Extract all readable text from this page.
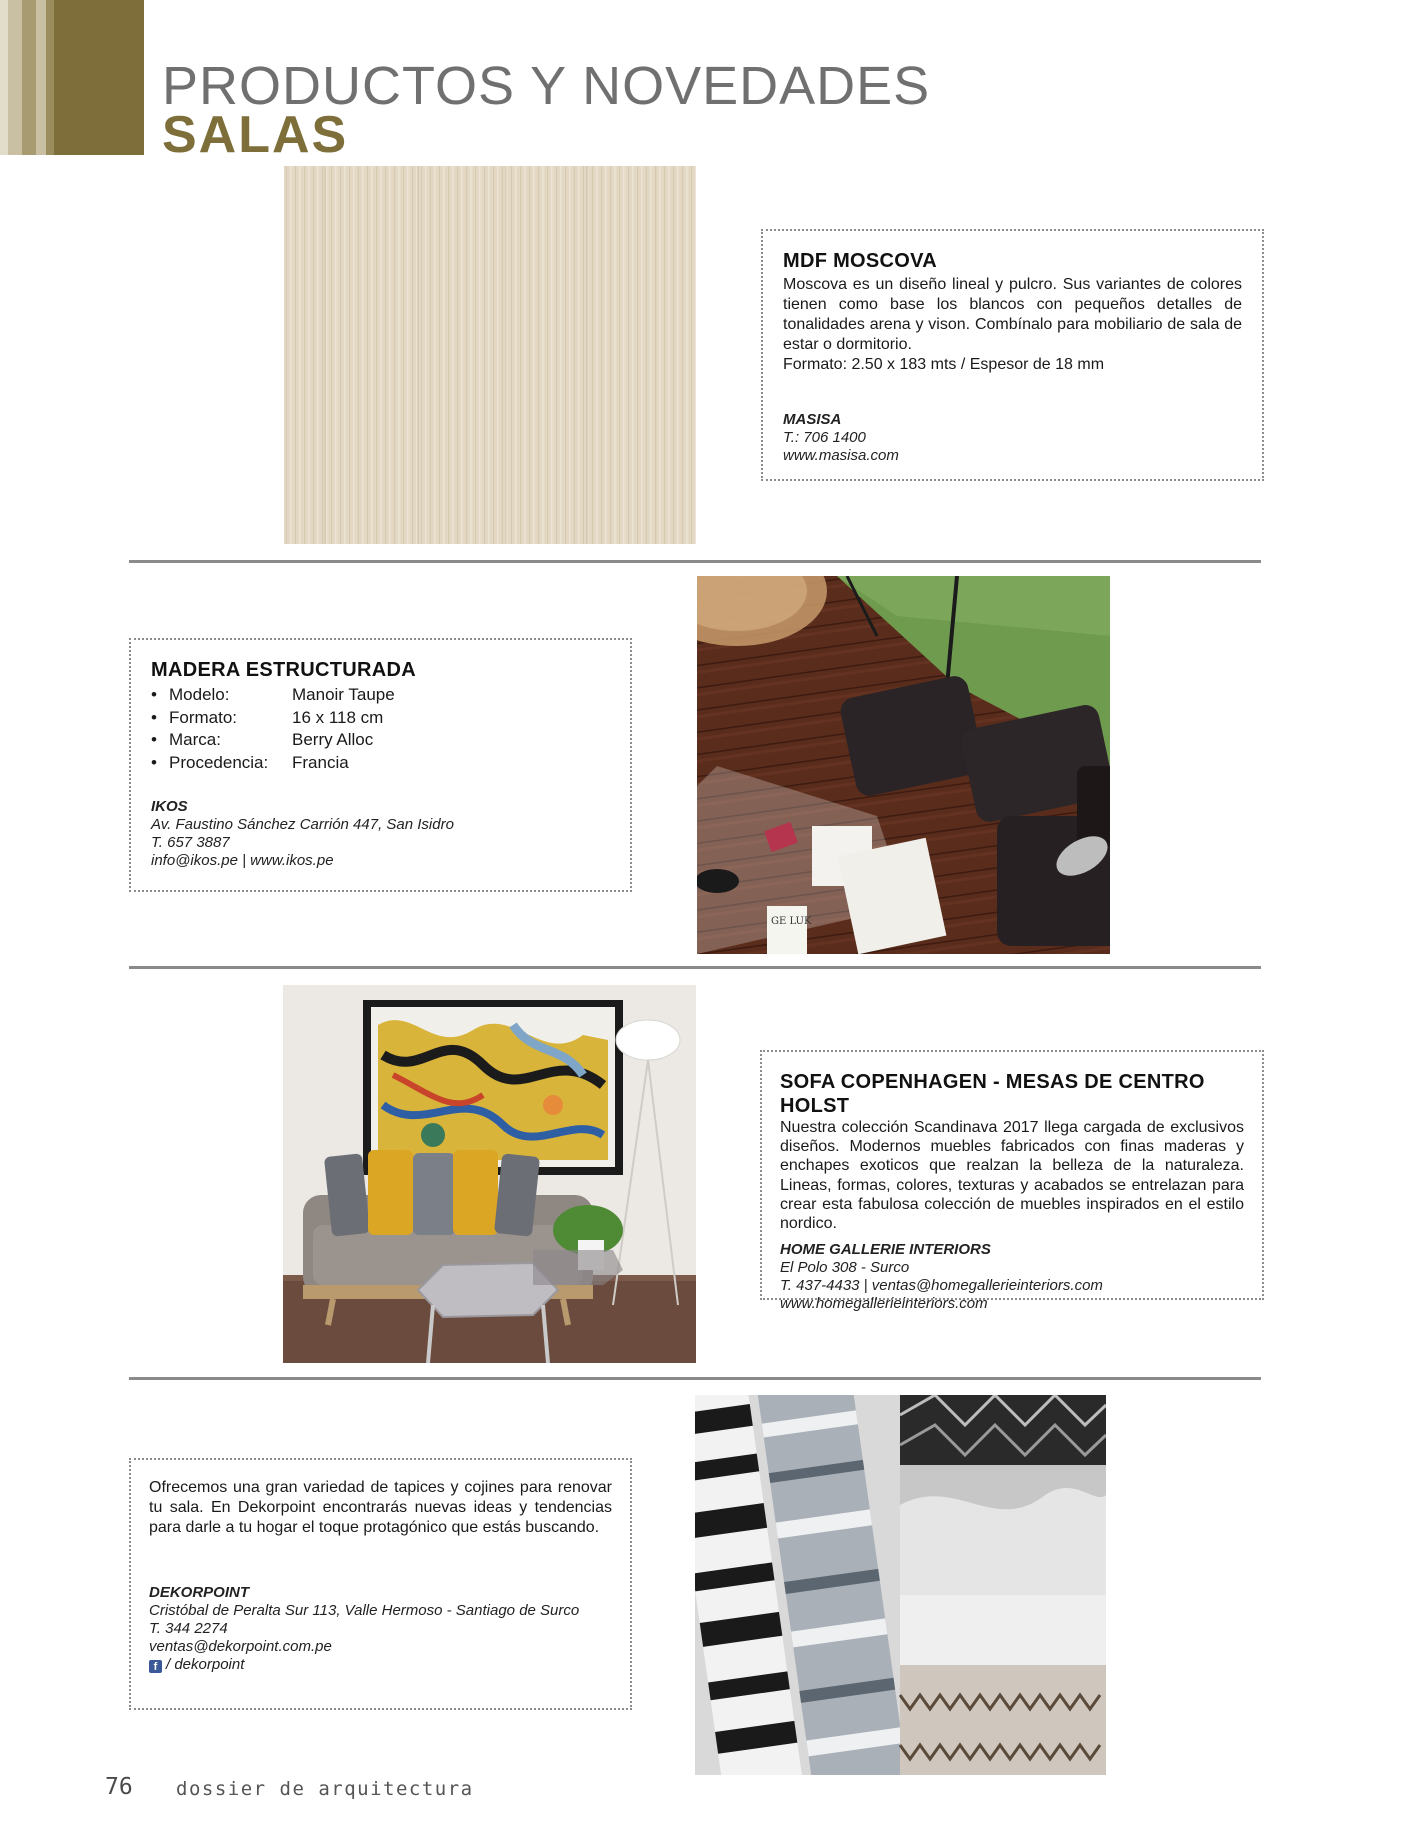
PRODUCTOS Y NOVEDADES
SALAS

MDF MOSCOVA

Moscova es un diseño lineal y pulcro. Sus variantes de colores tienen como base los blancos con pequeños detalles de tonalidades arena y vison. Combínalo para mobiliario de sala de estar o dormitorio.

Formato: 2.50 x 183 mts / Espesor de 18 mm

MASISA

T.: 706 1400

www.masisa.com

MADERA ESTRUCTURADA

• Modelo:	Manoir Taupe
• Formato:	16 x 118 cm
• Marca:	Berry Alloc
• Procedencia:	Francia

IKOS

Av. Faustino Sánchez Carrión 447, San Isidro

T. 657 3887

info@ikos.pe | www.ikos.pe

GE LUK

SOFA COPENHAGEN - MESAS DE CENTRO HOLST

Nuestra colección Scandinava 2017 llega cargada de exclusivos diseños. Modernos muebles fabricados con finas maderas y enchapes exoticos que realzan la belleza de la naturaleza. Lineas, formas, colores, texturas y acabados se entrelazan para crear esta fabulosa colección de muebles inspirados en el estilo nordico.

HOME GALLERIE INTERIORS

El Polo 308 - Surco

T. 437-4433 | ventas@homegallerieinteriors.com

www.homegallerieinteriors.com

Ofrecemos una gran variedad de tapices y cojines para renovar tu sala. En Dekorpoint encontrarás nuevas ideas y tendencias para darle a tu hogar el toque protagónico que estás buscando.

DEKORPOINT

Cristóbal de Peralta Sur 113, Valle Hermoso - Santiago de Surco

T. 344 2274

ventas@dekorpoint.com.pe

f / dekorpoint

76 dossier de arquitectura
